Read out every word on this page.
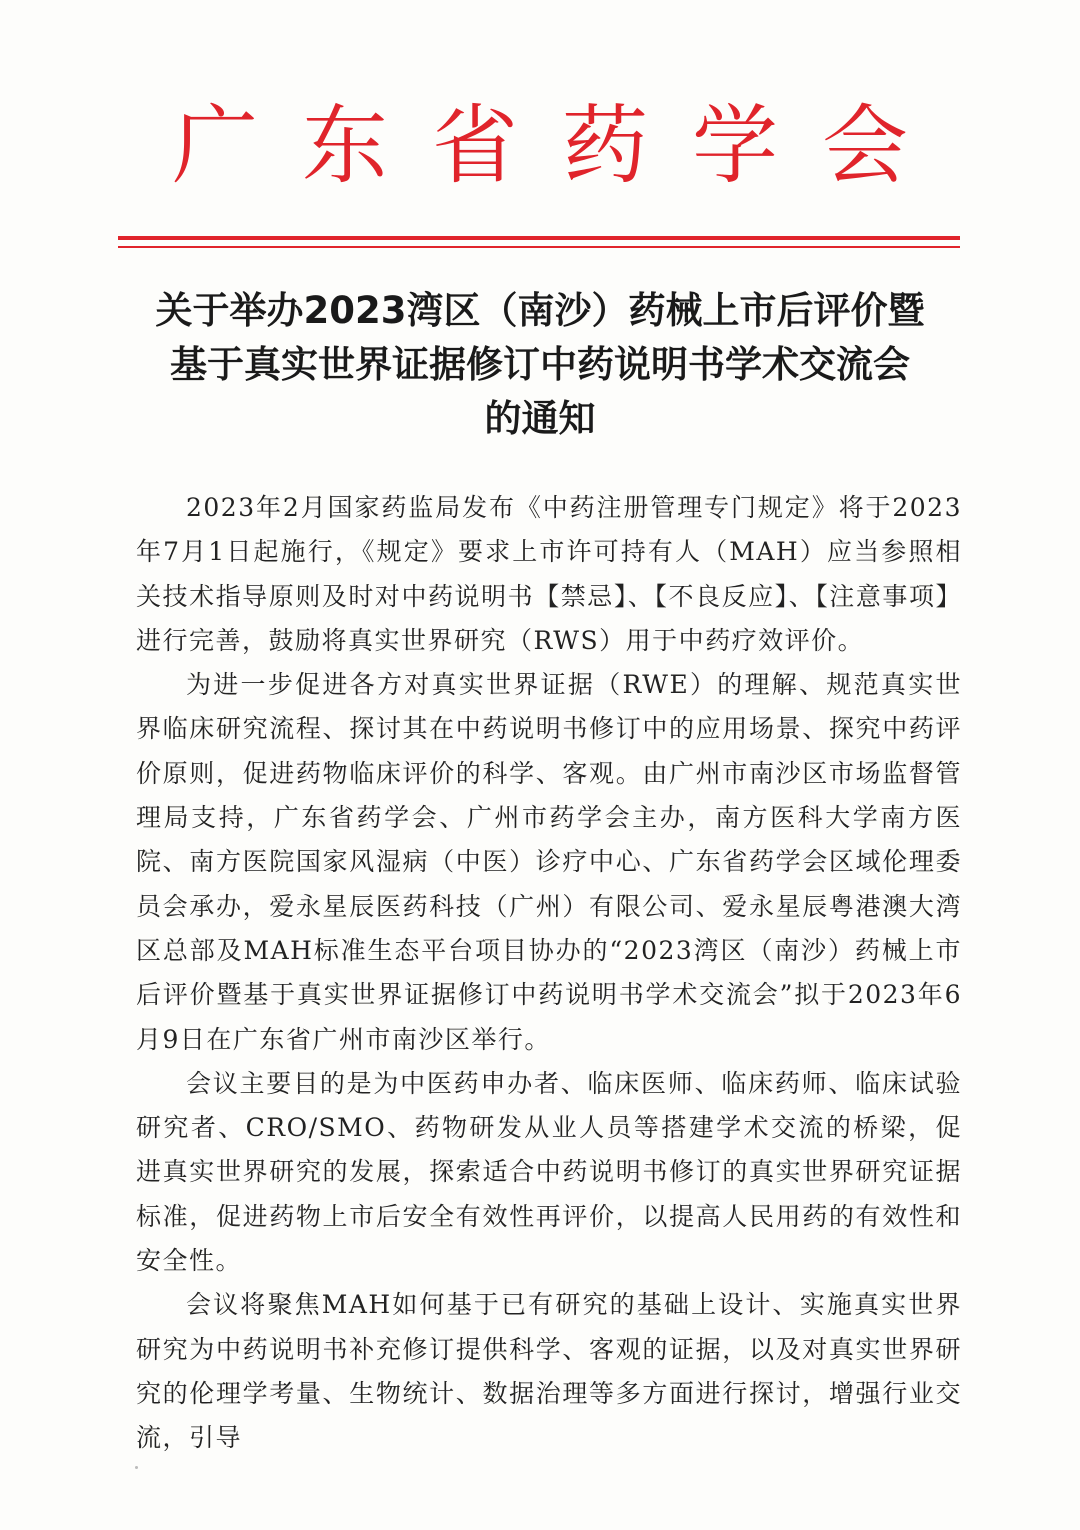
广东省药学会
关于举办2023湾区（南沙）药械上市后评价暨
基于真实世界证据修订中药说明书学术交流会
的通知

2023年2月国家药监局发布《中药注册管理专门规定》将于2023年7月1日起施行，《规定》要求上市许可持有人（MAH）应当参照相关技术指导原则及时对中药说明书【禁忌】、【不良反应】、【注意事项】进行完善，鼓励将真实世界研究（RWS）用于中药疗效评价。

为进一步促进各方对真实世界证据（RWE）的理解、规范真实世界临床研究流程、探讨其在中药说明书修订中的应用场景、探究中药评价原则，促进药物临床评价的科学、客观。由广州市南沙区市场监督管理局支持，广东省药学会、广州市药学会主办，南方医科大学南方医院、南方医院国家风湿病（中医）诊疗中心、广东省药学会区域伦理委员会承办，爱永星辰医药科技（广州）有限公司、爱永星辰粤港澳大湾区总部及MAH标准生态平台项目协办的“2023湾区（南沙）药械上市后评价暨基于真实世界证据修订中药说明书学术交流会”拟于2023年6月9日在广东省广州市南沙区举行。

会议主要目的是为中医药申办者、临床医师、临床药师、临床试验研究者、CRO/SMO、药物研发从业人员等搭建学术交流的桥梁，促进真实世界研究的发展，探索适合中药说明书修订的真实世界研究证据标准，促进药物上市后安全有效性再评价，以提高人民用药的有效性和安全性。

会议将聚焦MAH如何基于已有研究的基础上设计、实施真实世界研究为中药说明书补充修订提供科学、客观的证据，以及对真实世界研究的伦理学考量、生物统计、数据治理等多方面进行探讨，增强行业交流，引导
